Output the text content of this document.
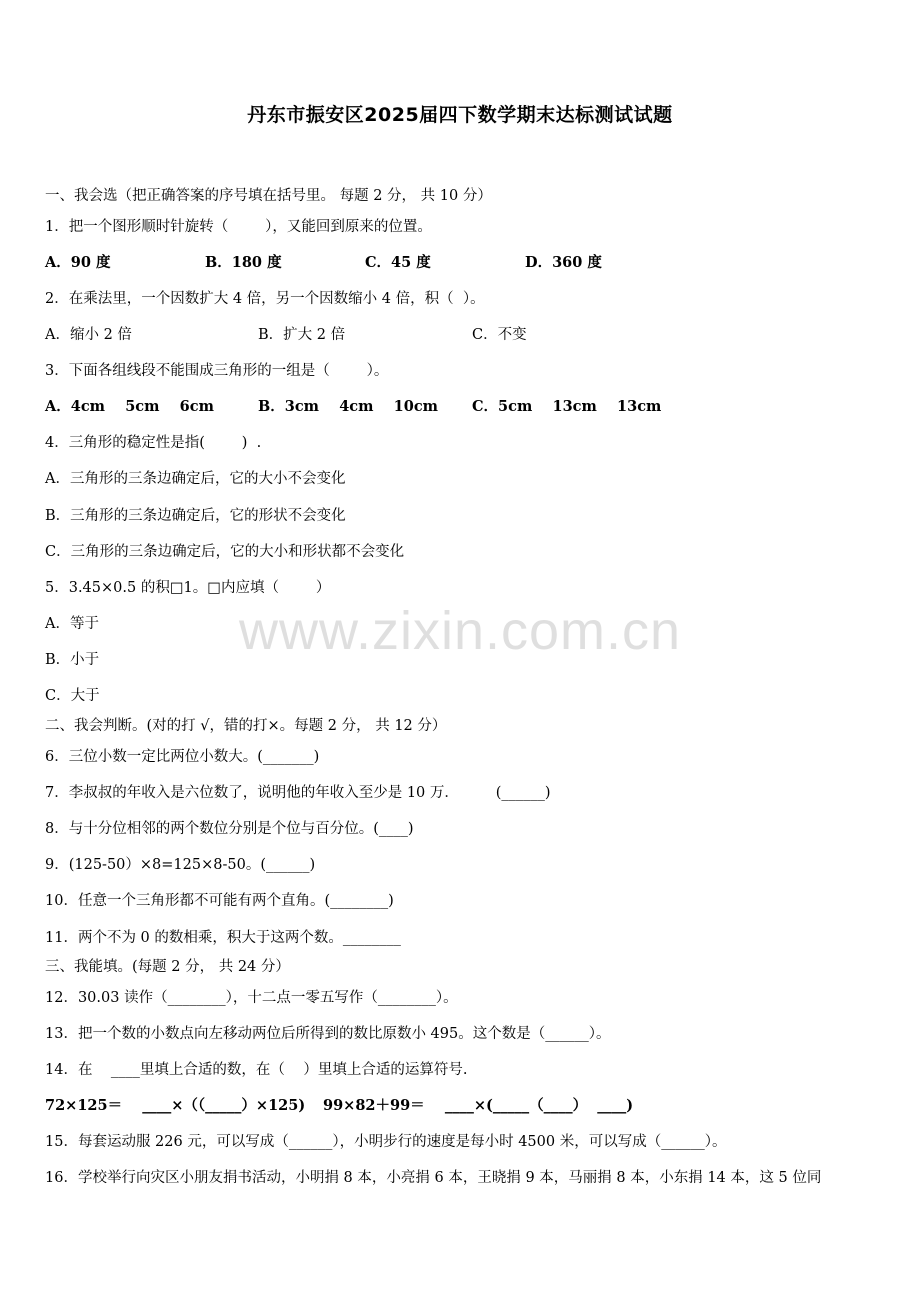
丹东市振安区2025届四下数学期末达标测试试题
一、我会选（把正确答案的序号填在括号里。 每题 2 分， 共 10 分）
1．把一个图形顺时针旋转（        ），又能回到原来的位置。
A．90 度	B．180 度	C．45 度	D．360 度
2．在乘法里，一个因数扩大 4 倍，另一个因数缩小 4 倍，积（  ）。
A．缩小 2 倍	B．扩大 2 倍	C．不变
3．下面各组线段不能围成三角形的一组是（        ）。
A．4cm    5cm    6cm	B．3cm    4cm    10cm C．5cm    13cm    13cm
4．三角形的稳定性是指(        )  .
A．三角形的三条边确定后，它的大小不会变化
B．三角形的三条边确定后，它的形状不会变化
C．三角形的三条边确定后，它的大小和形状都不会变化
5．3.45×0.5 的积□1。□内应填（        ）
A．等于
B．小于
C．大于
二、我会判断。(对的打 √，错的打×。每题 2 分， 共 12 分）
6．三位小数一定比两位小数大。(_______)
7．李叔叔的年收入是六位数了，说明他的年收入至少是 10 万．        (______)
8．与十分位相邻的两个数位分别是个位与百分位。(____)
9．(125-50）×8=125×8-50。(______)
10．任意一个三角形都不可能有两个直角。(________)
11．两个不为 0 的数相乘，积大于这两个数。________
三、我能填。(每题 2 分， 共 24 分）
12．30.03 读作（________），十二点一零五写作（________）。
13．把一个数的小数点向左移动两位后所得到的数比原数小 495。这个数是（______）。
14．在    ____里填上合适的数，在（    ）里填上合适的运算符号.
72×125＝    ____×（（_____）×125) 99×82＋99＝    ____×(_____（____）  ____)
15．每套运动服 226 元，可以写成（______），小明步行的速度是每小时 4500 米，可以写成（______）。
16．学校举行向灾区小朋友捐书活动，小明捐 8 本，小亮捐 6 本，王晓捐 9 本，马丽捐 8 本，小东捐 14 本，这 5 位同
www.zixin.com.cn
